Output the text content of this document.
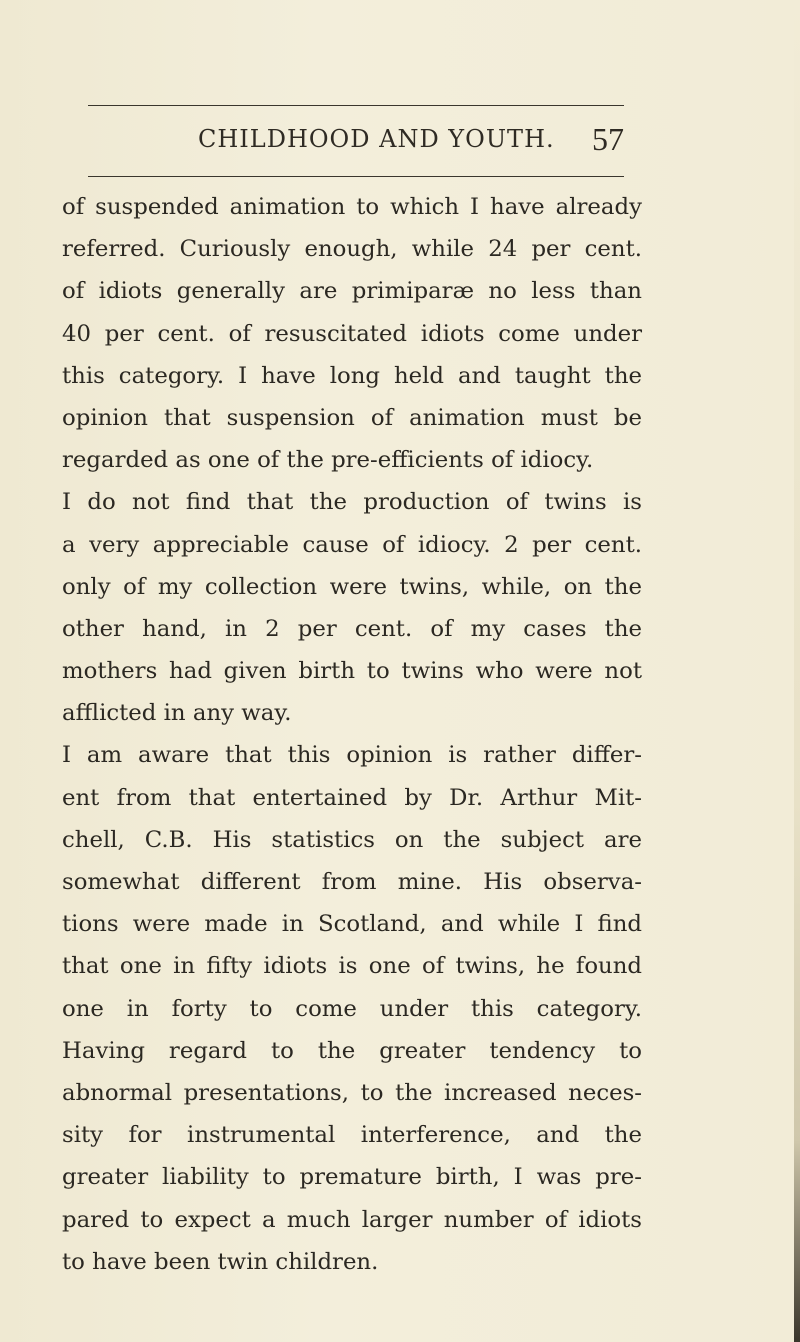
CHILDHOOD AND YOUTH. 57
of suspended animation to which I have already
referred. Curiously enough, while 24 per cent.
of idiots generally are primiparæ no less than
40 per cent. of resuscitated idiots come under
this category. I have long held and taught the
opinion that suspension of animation must be
regarded as one of the pre-efficients of idiocy.
I do not find that the production of twins is
a very appreciable cause of idiocy. 2 per cent.
only of my collection were twins, while, on the
other hand, in 2 per cent. of my cases the
mothers had given birth to twins who were not
afflicted in any way.
I am aware that this opinion is rather differ-
ent from that entertained by Dr. Arthur Mit-
chell, C.B. His statistics on the subject are
somewhat different from mine. His observa-
tions were made in Scotland, and while I find
that one in fifty idiots is one of twins, he found
one in forty to come under this category.
Having regard to the greater tendency to
abnormal presentations, to the increased neces-
sity for instrumental interference, and the
greater liability to premature birth, I was pre-
pared to expect a much larger number of idiots
to have been twin children.
